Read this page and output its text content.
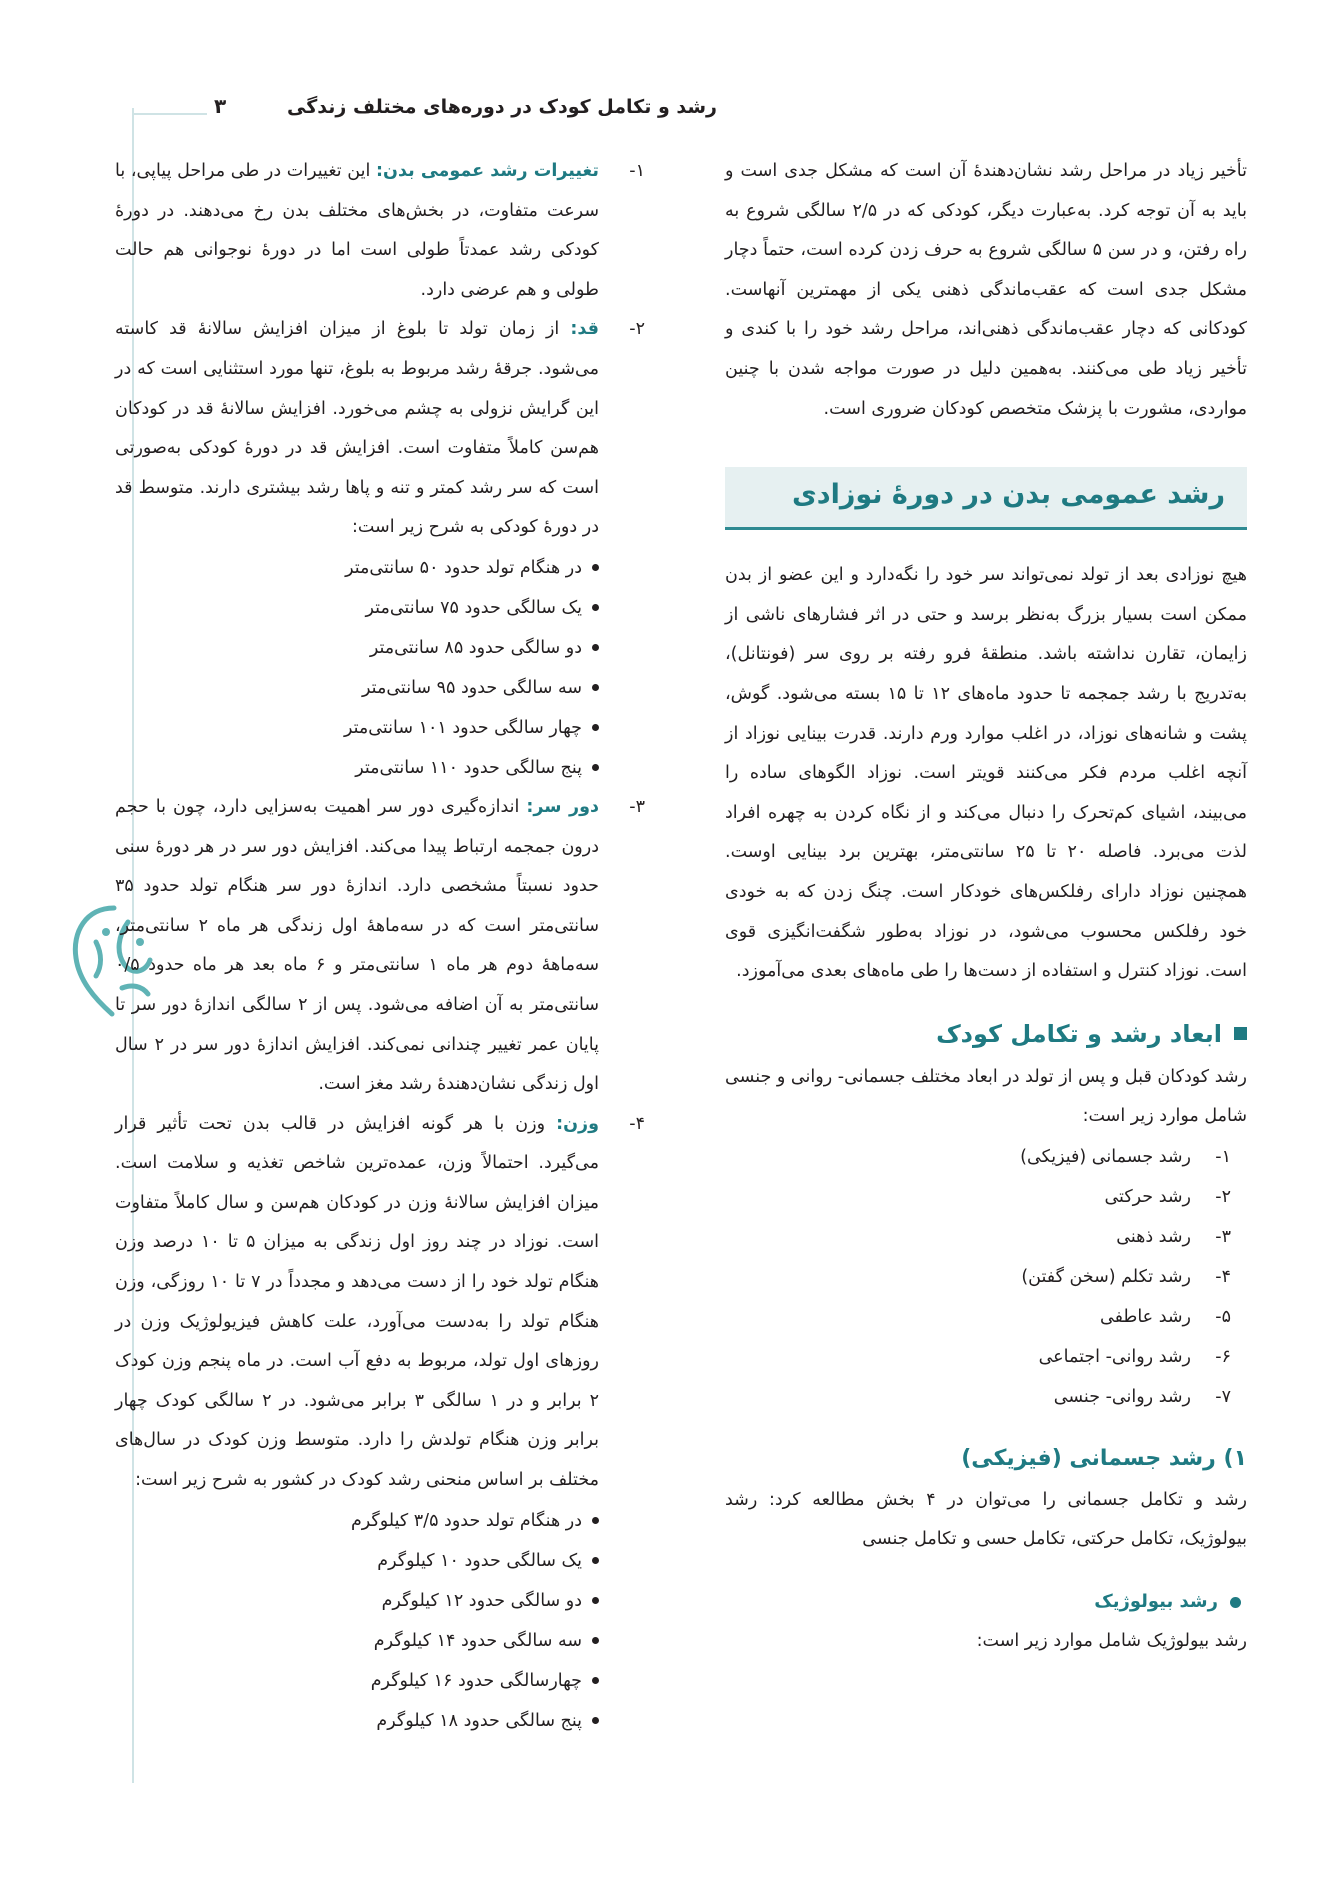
رشد و تکامل کودک در دوره‌های مختلف زندگی
۳

تأخیر زیاد در مراحل رشد نشان‌دهندهٔ آن است که مشکل جدی است و باید به آن توجه کرد. به‌عبارت دیگر، کودکی که در ۲/۵ سالگی شروع به راه رفتن، و در سن ۵ سالگی شروع به حرف زدن کرده است، حتماً دچار مشکل جدی است که عقب‌ماندگی ذهنی یکی از مهمترین آنهاست. کودکانی که دچار عقب‌ماندگی ذهنی‌اند، مراحل رشد خود را با کندی و تأخیر زیاد طی می‌کنند. به‌همین دلیل در صورت مواجه شدن با چنین مواردی، مشورت با پزشک متخصص کودکان ضروری است.

رشد عمومی بدن در دورهٔ نوزادی

هیچ نوزادی بعد از تولد نمی‌تواند سر خود را نگه‌دارد و این عضو از بدن ممکن است بسیار بزرگ به‌نظر برسد و حتی در اثر فشارهای ناشی از زایمان، تقارن نداشته باشد. منطقهٔ فرو رفته بر روی سر (فونتانل)، به‌تدریج با رشد جمجمه تا حدود ماه‌های ۱۲ تا ۱۵ بسته می‌شود. گوش، پشت و شانه‌های نوزاد، در اغلب موارد ورم دارند. قدرت بینایی نوزاد از آنچه اغلب مردم فکر می‌کنند قویتر است. نوزاد الگوهای ساده را می‌بیند، اشیای کم‌تحرک را دنبال می‌کند و از نگاه کردن به چهره افراد لذت می‌برد. فاصله ۲۰ تا ۲۵ سانتی‌متر، بهترین برد بینایی اوست. همچنین نوزاد دارای رفلکس‌های خودکار است. چنگ زدن که به خودی خود رفلکس محسوب می‌شود، در نوزاد به‌طور شگفت‌انگیزی قوی است. نوزاد کنترل و استفاده از دست‌ها را طی ماه‌های بعدی می‌آموزد.

ابعاد رشد و تکامل کودک

رشد کودکان قبل و پس از تولد در ابعاد مختلف جسمانی- روانی و جنسی شامل موارد زیر است:

۱-
رشد جسمانی (فیزیکی)
۲-
رشد حرکتی
۳-
رشد ذهنی
۴-
رشد تکلم (سخن گفتن)
۵-
رشد عاطفی
۶-
رشد روانی- اجتماعی
۷-
رشد روانی- جنسی
۱) رشد جسمانی (فیزیکی)

رشد و تکامل جسمانی را می‌توان در ۴ بخش مطالعه کرد: رشد بیولوژیک، تکامل حرکتی، تکامل حسی و تکامل جنسی

رشد بیولوژیک

رشد بیولوژیک شامل موارد زیر است:

۱-

تغییرات رشد عمومی بدن: این تغییرات در طی مراحل پیاپی، با سرعت متفاوت، در بخش‌های مختلف بدن رخ می‌دهند. در دورهٔ کودکی رشد عمدتاً طولی است اما در دورهٔ نوجوانی هم حالت طولی و هم عرضی دارد.

۲-

قد: از زمان تولد تا بلوغ از میزان افزایش سالانهٔ قد کاسته می‌شود. جرقهٔ رشد مربوط به بلوغ، تنها مورد استثنایی است که در این گرایش نزولی به چشم می‌خورد. افزایش سالانهٔ قد در کودکان هم‌سن کاملاً متفاوت است. افزایش قد در دورهٔ کودکی به‌صورتی است که سر رشد کمتر و تنه و پاها رشد بیشتری دارند. متوسط قد در دورهٔ کودکی به شرح زیر است:

در هنگام تولد حدود ۵۰ سانتی‌متر
یک سالگی حدود ۷۵ سانتی‌متر
دو سالگی حدود ۸۵ سانتی‌متر
سه سالگی حدود ۹۵ سانتی‌متر
چهار سالگی حدود ۱۰۱ سانتی‌متر
پنج سالگی حدود ۱۱۰ سانتی‌متر
۳-

دور سر: اندازه‌گیری دور سر اهمیت به‌سزایی دارد، چون با حجم درون جمجمه ارتباط پیدا می‌کند. افزایش دور سر در هر دورهٔ سنی حدود نسبتاً مشخصی دارد. اندازهٔ دور سر هنگام تولد حدود ۳۵ سانتی‌متر است که در سه‌ماههٔ اول زندگی هر ماه ۲ سانتی‌متر، سه‌ماههٔ دوم هر ماه ۱ سانتی‌متر و ۶ ماه بعد هر ماه حدود ۰/۵ سانتی‌متر به آن اضافه می‌شود. پس از ۲ سالگی اندازهٔ دور سر تا پایان عمر تغییر چندانی نمی‌کند. افزایش اندازهٔ دور سر در ۲ سال اول زندگی نشان‌دهندهٔ رشد مغز است.

۴-

وزن: وزن با هر گونه افزایش در قالب بدن تحت تأثیر قرار می‌گیرد. احتمالاً وزن، عمده‌ترین شاخص تغذیه و سلامت است. میزان افزایش سالانهٔ وزن در کودکان هم‌سن و سال کاملاً متفاوت است. نوزاد در چند روز اول زندگی به میزان ۵ تا ۱۰ درصد وزن هنگام تولد خود را از دست می‌دهد و مجدداً در ۷ تا ۱۰ روزگی، وزن هنگام تولد را به‌دست می‌آورد، علت کاهش فیزیولوژیک وزن در روزهای اول تولد، مربوط به دفع آب است. در ماه پنجم وزن کودک ۲ برابر و در ۱ سالگی ۳ برابر می‌شود. در ۲ سالگی کودک چهار برابر وزن هنگام تولدش را دارد. متوسط وزن کودک در سال‌های مختلف بر اساس منحنی رشد کودک در کشور به شرح زیر است:

در هنگام تولد حدود ۳/۵ کیلوگرم
یک سالگی حدود ۱۰ کیلوگرم
دو سالگی حدود ۱۲ کیلوگرم
سه سالگی حدود ۱۴ کیلوگرم
چهارسالگی حدود ۱۶ کیلوگرم
پنج سالگی حدود ۱۸ کیلوگرم
